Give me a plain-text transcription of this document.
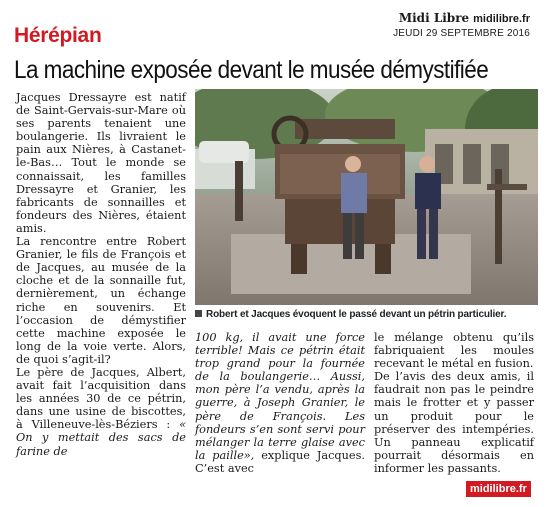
Midi Libre midilibre.fr
JEUDI 29 SEPTEMBRE 2016
Hérépian
La machine exposée devant le musée démystifiée

Jacques Dressayre est natif de Saint-Gervais-sur-Mare où ses parents tenaient une boulangerie. Ils livraient le pain aux Nières, à Castanet-le-Bas… Tout le monde se connaissait, les familles Dressayre et Granier, les fabricants de sonnailles et fondeurs des Nières, étaient amis.

La rencontre entre Robert Granier, le fils de François et de Jacques, au musée de la cloche et de la sonnaille fut, dernièrement, un échange riche en souvenirs. Et l’occasion de démystifier cette machine exposée le long de la voie verte. Alors, de quoi s’agit-il?

Le père de Jacques, Albert, avait fait l’acquisition dans les années 30 de ce pétrin, dans une usine de biscottes, à Villeneuve-lès-Béziers : « On y mettait des sacs de farine de

Robert et Jacques évoquent le passé devant un pétrin particulier.

100 kg, il avait une force terrible! Mais ce pétrin était trop grand pour la fournée de la boulangerie… Aussi, mon père l’a vendu, après la guerre, à Joseph Granier, le père de François. Les fondeurs s’en sont servi pour mélanger la terre glaise avec la paille», explique Jacques. C’est avec

le mélange obtenu qu’ils fabriquaient les moules recevant le métal en fusion.

De l’avis des deux amis, il faudrait non pas le peindre mais le frotter et y passer un produit pour le préserver des intempéries. Un panneau explicatif pourrait désormais en informer les passants.

midilibre.fr
